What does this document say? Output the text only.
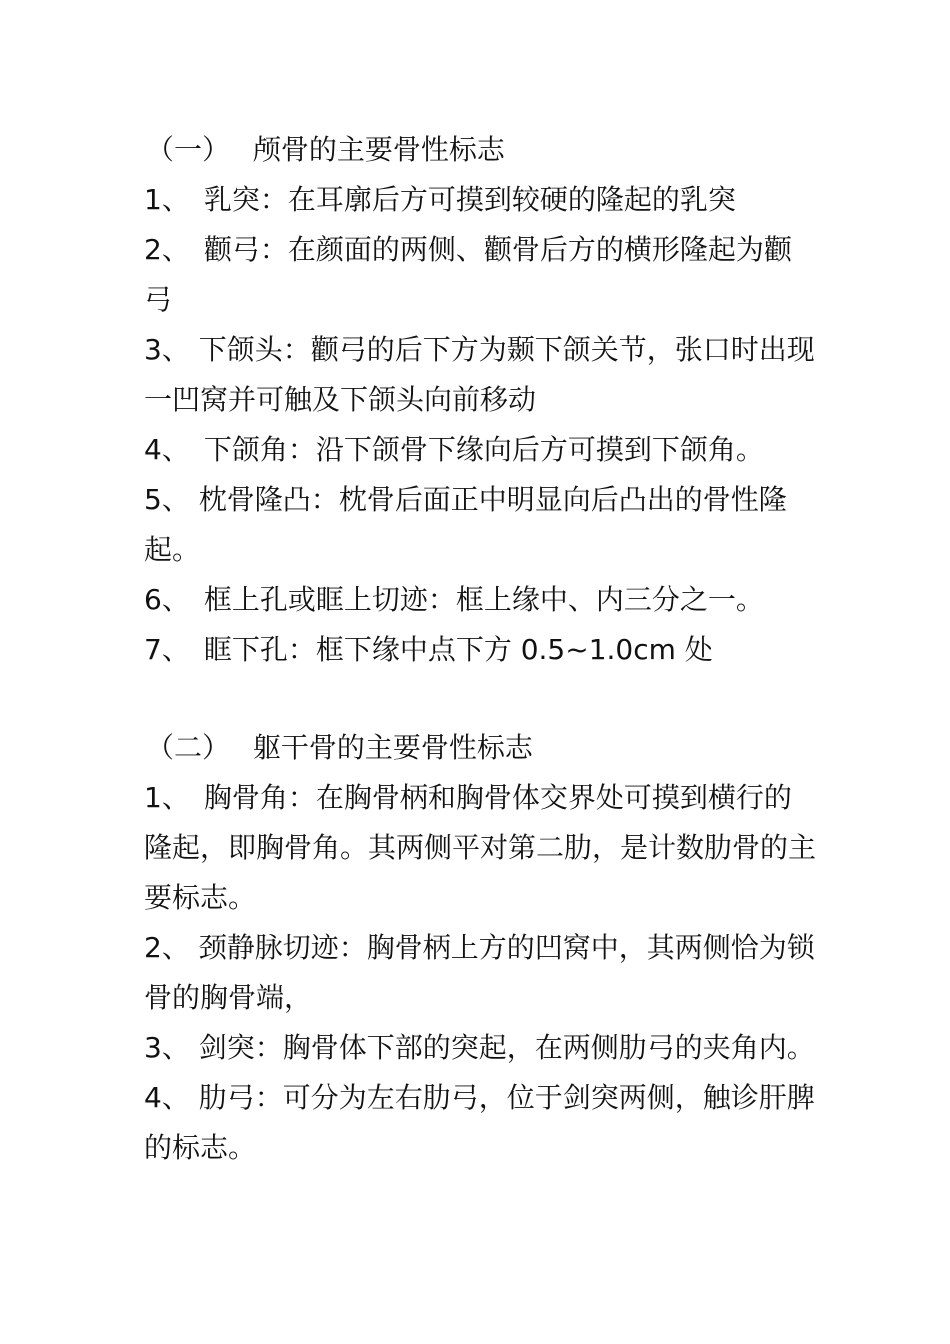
（一）　 颅骨的主要骨性标志
1、　乳突：在耳廓后方可摸到较硬的隆起的乳突
2、　颧弓：在颜面的两侧、颧骨后方的横形隆起为颧
弓
3、 下颌头：颧弓的后下方为颞下颌关节，张口时出现
一凹窝并可触及下颌头向前移动
4、　下颌角：沿下颌骨下缘向后方可摸到下颌角。
5、 枕骨隆凸：枕骨后面正中明显向后凸出的骨性隆
起。
6、　框上孔或眶上切迹：框上缘中、内三分之一。
7、　眶下孔：框下缘中点下方 0.5~1.0cm 处
（二）　 躯干骨的主要骨性标志
1、　胸骨角：在胸骨柄和胸骨体交界处可摸到横行的
隆起，即胸骨角。其两侧平对第二肋，是计数肋骨的主
要标志。
2、 颈静脉切迹：胸骨柄上方的凹窝中，其两侧恰为锁
骨的胸骨端，
3、 剑突：胸骨体下部的突起，在两侧肋弓的夹角内。
4、 肋弓：可分为左右肋弓，位于剑突两侧，触诊肝脾
的标志。
